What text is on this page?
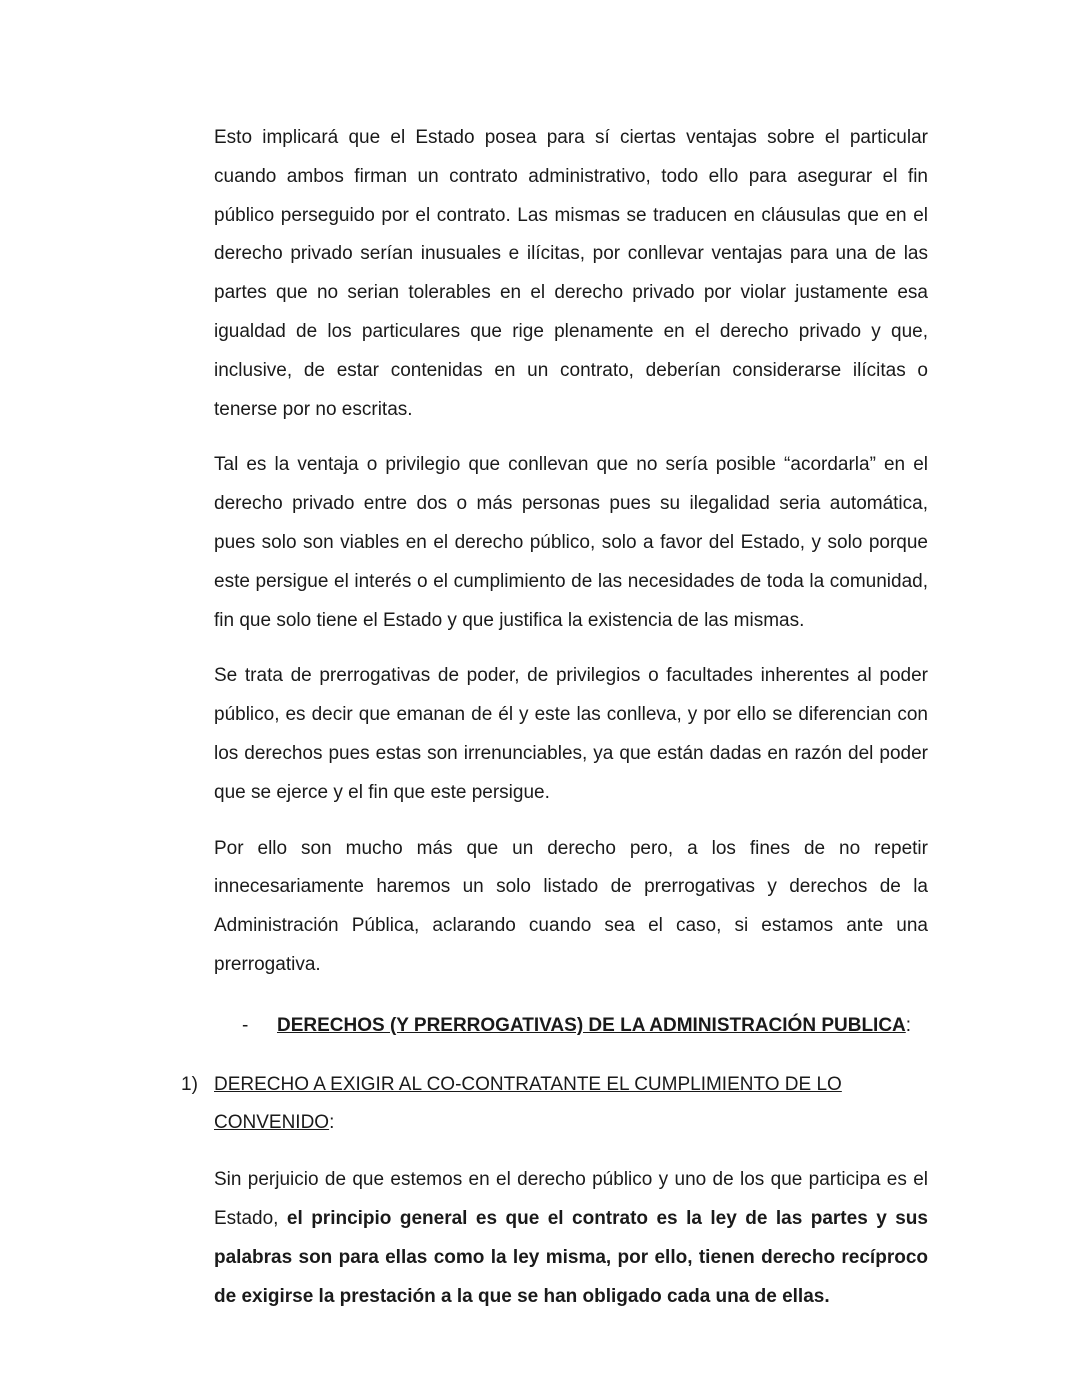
Esto implicará que el Estado posea para sí ciertas ventajas sobre el particular cuando ambos firman un contrato administrativo, todo ello para asegurar el fin público perseguido por el contrato. Las mismas se traducen en cláusulas que en el derecho privado serían inusuales e ilícitas, por conllevar ventajas para una de las partes que no serian tolerables en el derecho privado por violar justamente esa igualdad de los particulares que rige plenamente en el derecho privado y que, inclusive, de estar contenidas en un contrato, deberían considerarse ilícitas o tenerse por no escritas.

Tal es la ventaja o privilegio que conllevan que no sería posible “acordarla” en el derecho privado entre dos o más personas pues su ilegalidad seria automática, pues solo son viables en el derecho público, solo a favor del Estado, y solo porque este persigue el interés o el cumplimiento de las necesidades de toda la comunidad, fin que solo tiene el Estado y que justifica la existencia de las mismas.

Se trata de prerrogativas de poder, de privilegios o facultades inherentes al poder público, es decir que emanan de él y este las conlleva, y por ello se diferencian con los derechos pues estas son irrenunciables, ya que están dadas en razón del poder que se ejerce y el fin que este persigue.

Por ello son mucho más que un derecho pero, a los fines de no repetir innecesariamente haremos un solo listado de prerrogativas y derechos de la Administración Pública, aclarando cuando sea el caso, si estamos ante una prerrogativa.

-	DERECHOS (Y PRERROGATIVAS) DE LA ADMINISTRACIÓN PUBLICA:
1) DERECHO A EXIGIR AL CO-CONTRATANTE EL CUMPLIMIENTO DE LO CONVENIDO:

Sin perjuicio de que estemos en el derecho público y uno de los que participa es el Estado, el principio general es que el contrato es la ley de las partes y sus palabras son para ellas como la ley misma, por ello, tienen derecho recíproco de exigirse la prestación a la que se han obligado cada una de ellas.
